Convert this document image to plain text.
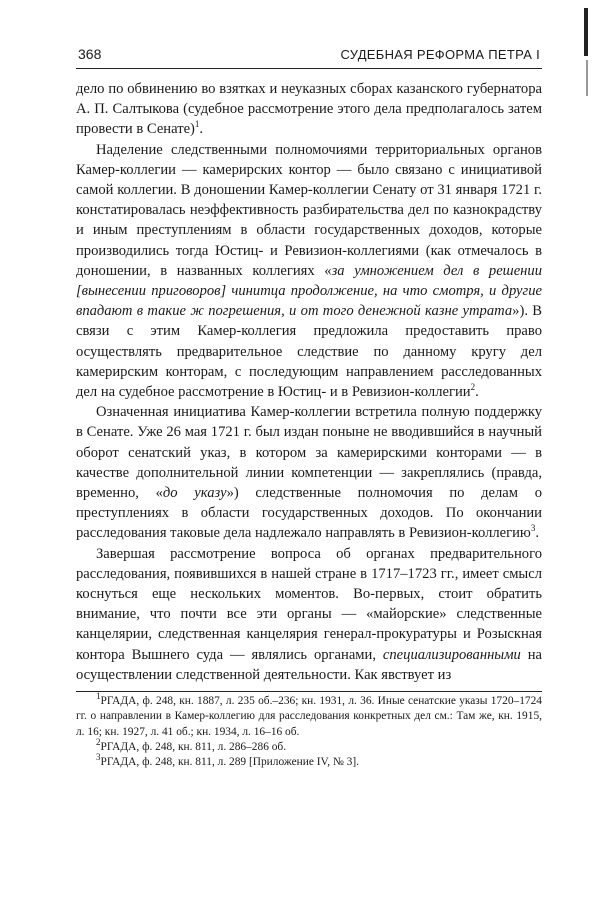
368	СУДЕБНАЯ РЕФОРМА ПЕТРА I

дело по обвинению во взятках и неуказных сборах казанского губернатора А. П. Салтыкова (судебное рассмотрение этого дела предполагалось затем провести в Сенате)$^1$.

Наделение следственными полномочиями территориальных органов Камер-коллегии — камерирских контор — было связано с инициативой самой коллегии. В доношении Камер-коллегии Сенату от 31 января 1721 г. констатировалась неэффективность разбирательства дел по казнокрадству и иным преступлениям в области государственных доходов, которые производились тогда Юстиц- и Ревизион-коллегиями (как отмечалось в доношении, в названных коллегиях «за умножением дел в решении [вынесении приговоров] чинитца продолжение, на что смотря, и другие впадают в такие ж погрешения, и от того денежной казне утрата»). В связи с этим Камер-коллегия предложила предоставить право осуществлять предварительное следствие по данному кругу дел камерирским конторам, с последующим направлением расследованных дел на судебное рассмотрение в Юстиц- и в Ревизион-коллегии$^2$.

Означенная инициатива Камер-коллегии встретила полную поддержку в Сенате. Уже 26 мая 1721 г. был издан поныне не вводившийся в научный оборот сенатский указ, в котором за камерирскими конторами — в качестве дополнительной линии компетенции — закреплялись (правда, временно, «до указу») следственные полномочия по делам о преступлениях в области государственных доходов. По окончании расследования таковые дела надлежало направлять в Ревизион-коллегию$^3$.

Завершая рассмотрение вопроса об органах предварительного расследования, появившихся в нашей стране в 1717–1723 гг., имеет смысл коснуться еще нескольких моментов. Во-первых, стоит обратить внимание, что почти все эти органы — «майорские» следственные канцелярии, следственная канцелярия генерал-прокуратуры и Розыскная контора Вышнего суда — являлись органами, специализированными на осуществлении следственной деятельности. Как явствует из

$^1$РГАДА, ф. 248, кн. 1887, л. 235 об.–236; кн. 1931, л. 36. Иные сенатские указы 1720–1724 гг. о направлении в Камер-коллегию для расследования конкретных дел см.: Там же, кн. 1915, л. 16; кн. 1927, л. 41 об.; кн. 1934, л. 16–16 об.

$^2$РГАДА, ф. 248, кн. 811, л. 286–286 об.

$^3$РГАДА, ф. 248, кн. 811, л. 289 [Приложение IV, № 3].
